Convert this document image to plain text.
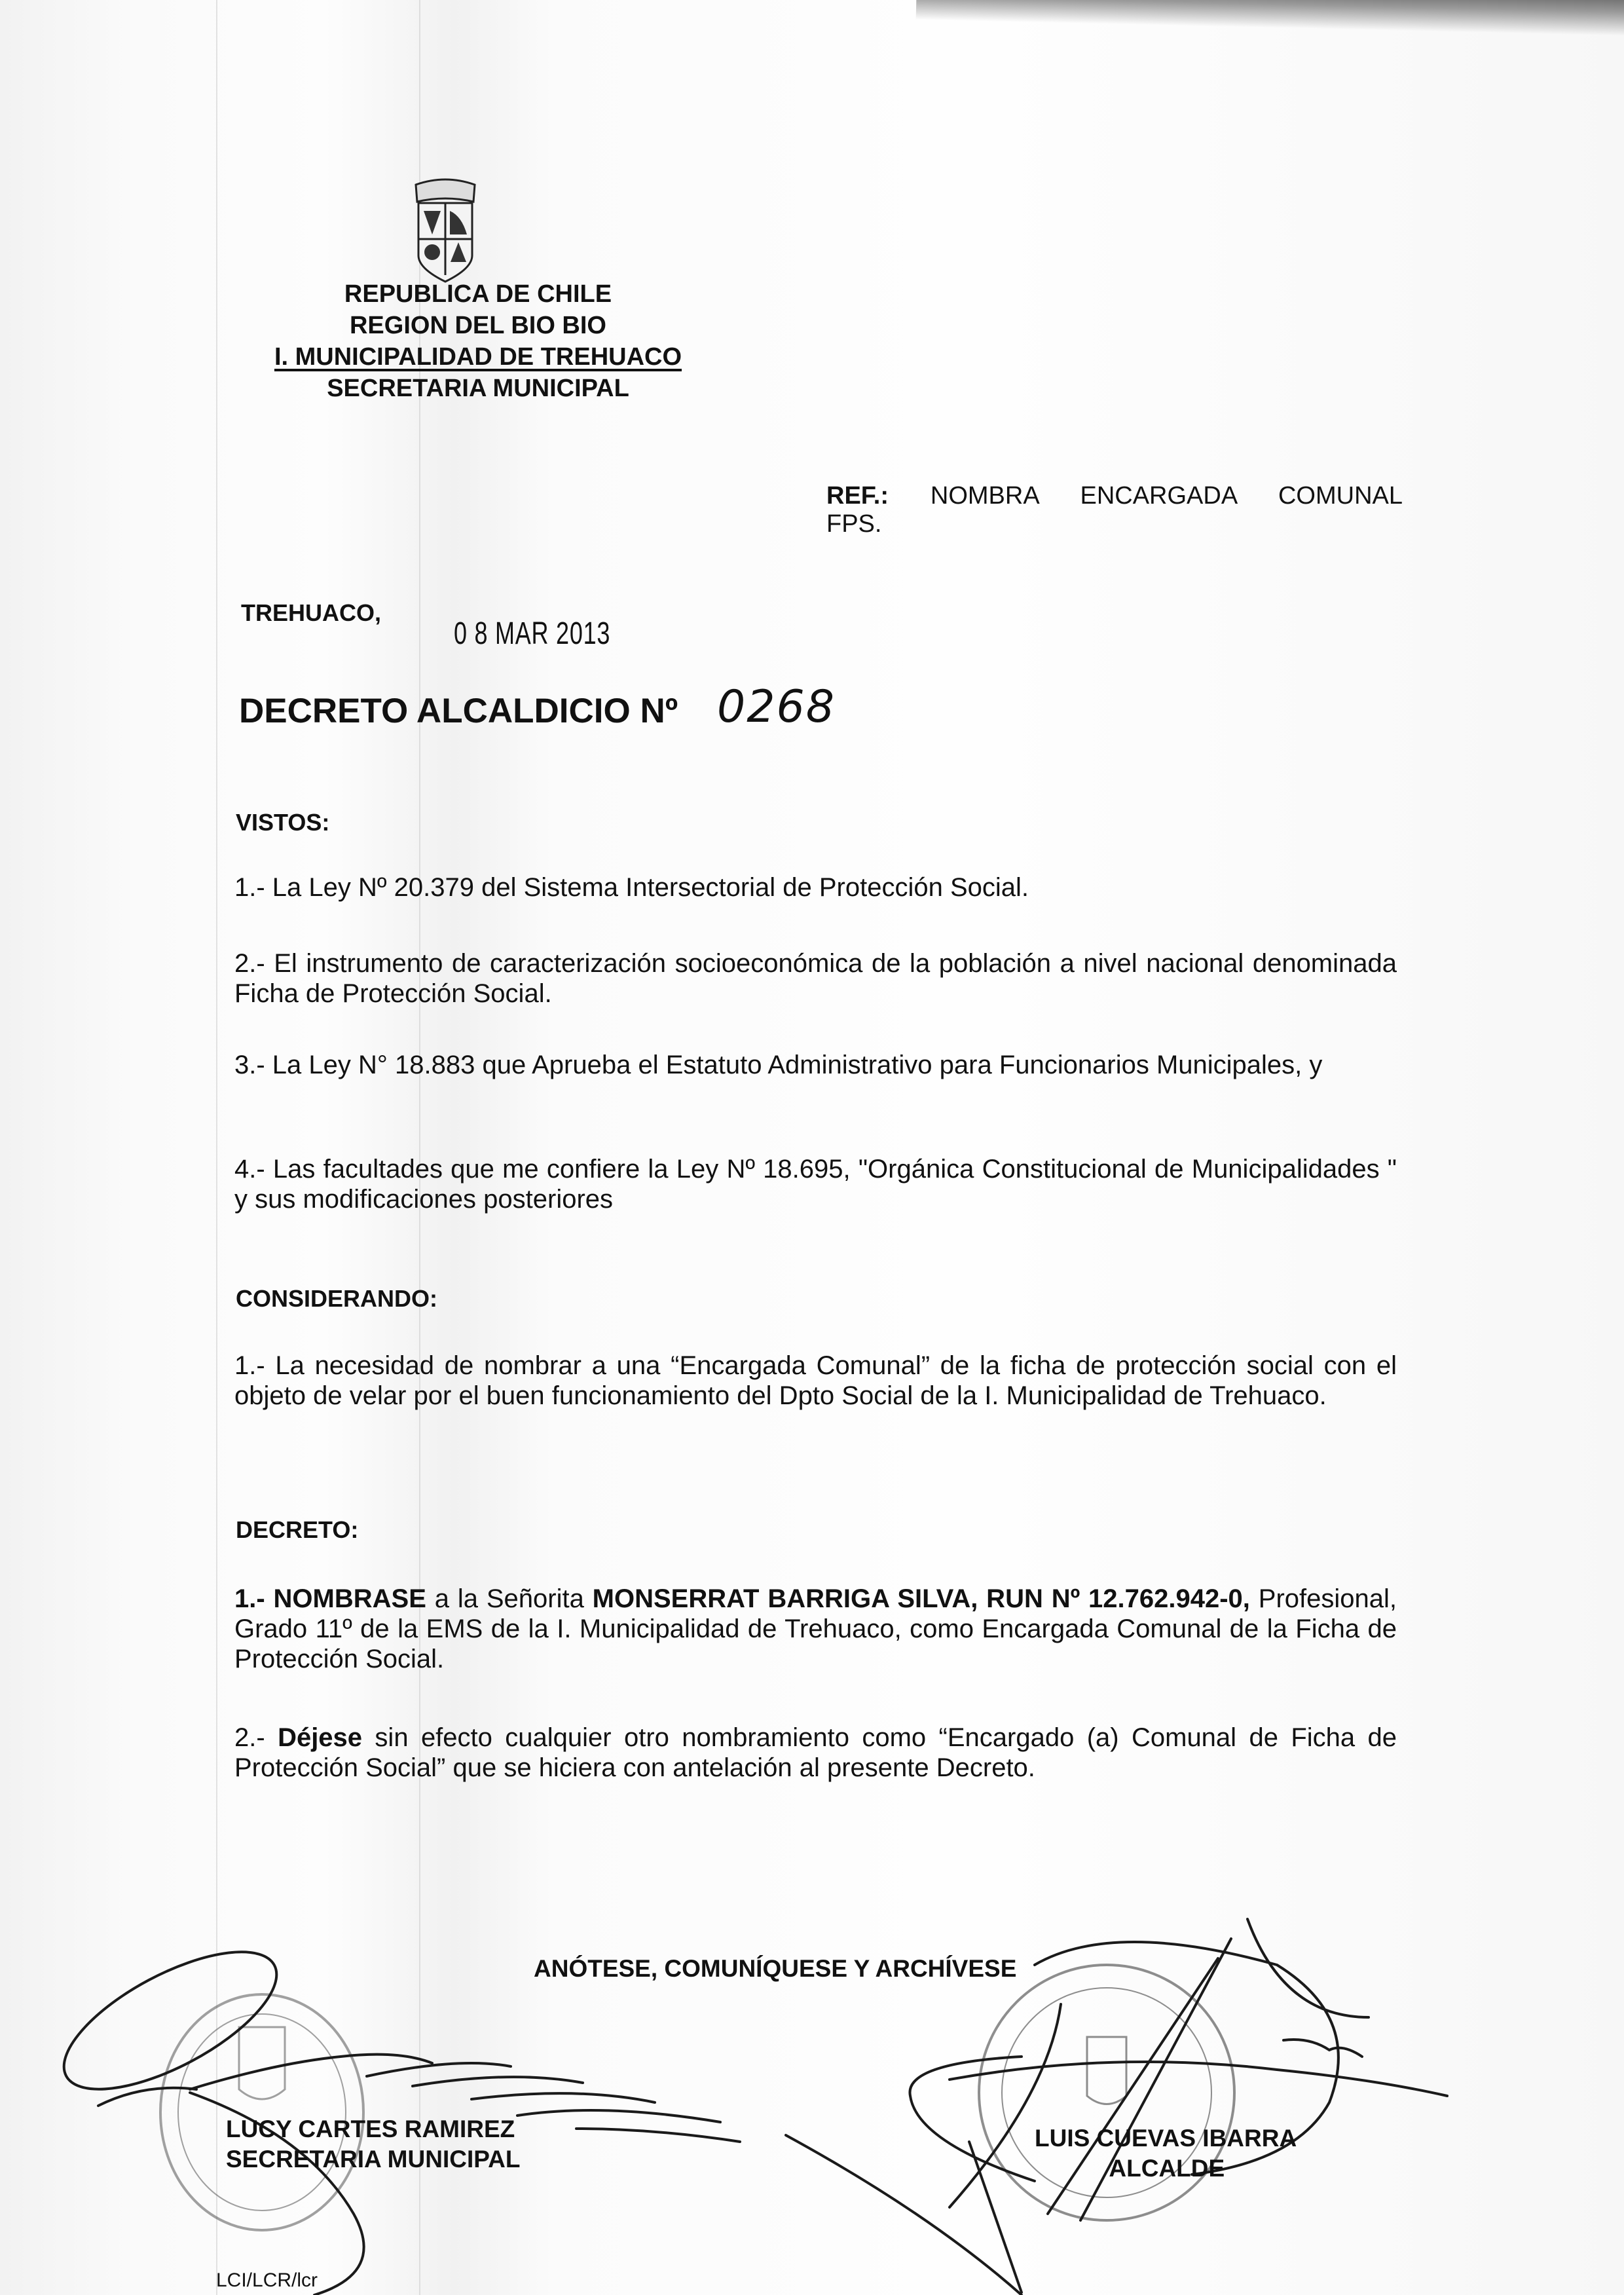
REPUBLICA DE CHILE
REGION DEL BIO BIO
I. MUNICIPALIDAD DE TREHUACO
SECRETARIA MUNICIPAL
REF.: NOMBRA ENCARGADA COMUNAL
FPS.
TREHUACO,
0 8 MAR 2013
DECRETO ALCALDICIO Nº 0268
VISTOS:
1.- La Ley Nº 20.379 del Sistema Intersectorial de Protección Social.
2.- El instrumento de caracterización socioeconómica de la población a nivel nacional denominada Ficha de Protección Social.
3.- La Ley N° 18.883 que Aprueba el Estatuto Administrativo para Funcionarios Municipales, y
4.- Las facultades que me confiere la Ley Nº 18.695, "Orgánica Constitucional de Municipalidades " y sus modificaciones posteriores
CONSIDERANDO:
1.- La necesidad de nombrar a una “Encargada Comunal” de la ficha de protección social con el objeto de velar por el buen funcionamiento del Dpto Social de la I. Municipalidad de Trehuaco.
DECRETO:
1.- NOMBRASE a la Señorita MONSERRAT BARRIGA SILVA, RUN Nº 12.762.942-0, Profesional, Grado 11º de la EMS de la I. Municipalidad de Trehuaco, como Encargada Comunal de la Ficha de Protección Social.
2.- Déjese sin efecto cualquier otro nombramiento como “Encargado (a) Comunal de Ficha de Protección Social” que se hiciera con antelación al presente Decreto.
ANÓTESE, COMUNÍQUESE Y ARCHÍVESE
LUCY CARTES RAMIREZ
SECRETARIA MUNICIPAL
LUIS CUEVAS IBARRA
ALCALDE
LCI/LCR/lcr
